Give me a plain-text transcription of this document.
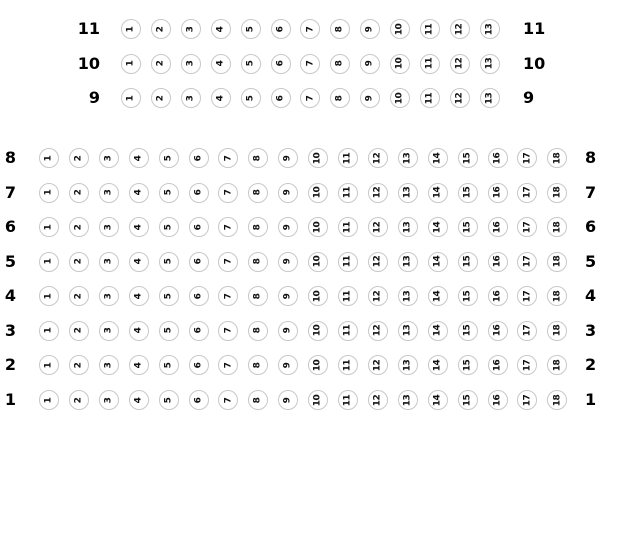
11	11
1 2 3 4 5 6 7 8 9 10 11 12 13
10	10
1 2 3 4 5 6 7 8 9 10 11 12 13
9	9
1 2 3 4 5 6 7 8 9 10 11 12 13
8	8
1 2 3 4 5 6 7 8 9 10 11 12 13 14 15 16 17 18
7	7
1 2 3 4 5 6 7 8 9 10 11 12 13 14 15 16 17 18
6	6
1 2 3 4 5 6 7 8 9 10 11 12 13 14 15 16 17 18
5	5
1 2 3 4 5 6 7 8 9 10 11 12 13 14 15 16 17 18
4	4
1 2 3 4 5 6 7 8 9 10 11 12 13 14 15 16 17 18
3	3
1 2 3 4 5 6 7 8 9 10 11 12 13 14 15 16 17 18
2	2
1 2 3 4 5 6 7 8 9 10 11 12 13 14 15 16 17 18
1	1
1 2 3 4 5 6 7 8 9 10 11 12 13 14 15 16 17 18
